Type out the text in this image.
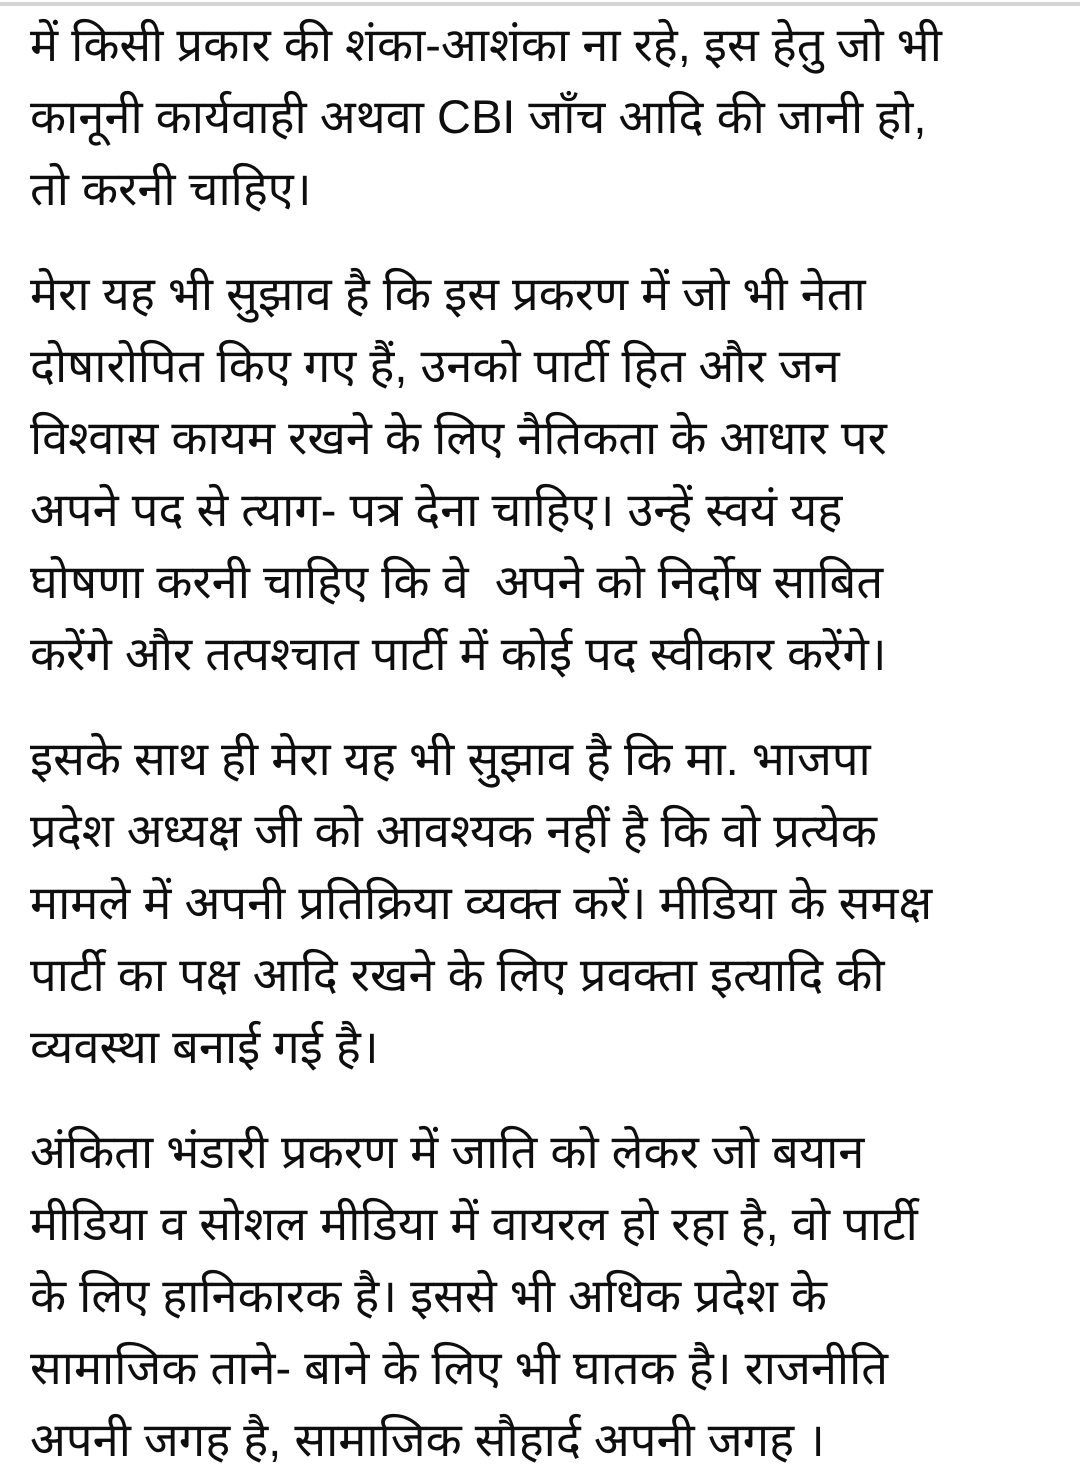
में किसी प्रकार की शंका-आशंका ना रहे, इस हेतु जो भी
कानूनी कार्यवाही अथवा CBI जाँच आदि की जानी हो,
तो करनी चाहिए।
मेरा यह भी सुझाव है कि इस प्रकरण में जो भी नेता
दोषारोपित किए गए हैं, उनको पार्टी हित और जन
विश्वास कायम रखने के लिए नैतिकता के आधार पर
अपने पद से त्याग- पत्र देना चाहिए। उन्हें स्वयं यह
घोषणा करनी चाहिए कि वे  अपने को निर्दोष साबित
करेंगे और तत्पश्चात पार्टी में कोई पद स्वीकार करेंगे।
इसके साथ ही मेरा यह भी सुझाव है कि मा. भाजपा
प्रदेश अध्यक्ष जी को आवश्यक नहीं है कि वो प्रत्येक
मामले में अपनी प्रतिक्रिया व्यक्त करें। मीडिया के समक्ष
पार्टी का पक्ष आदि रखने के लिए प्रवक्ता इत्यादि की
व्यवस्था बनाई गई है।
अंकिता भंडारी प्रकरण में जाति को लेकर जो बयान
मीडिया व सोशल मीडिया में वायरल हो रहा है, वो पार्टी
के लिए हानिकारक है। इससे भी अधिक प्रदेश के
सामाजिक ताने- बाने के लिए भी घातक है। राजनीति
अपनी जगह है, सामाजिक सौहार्द अपनी जगह ।
